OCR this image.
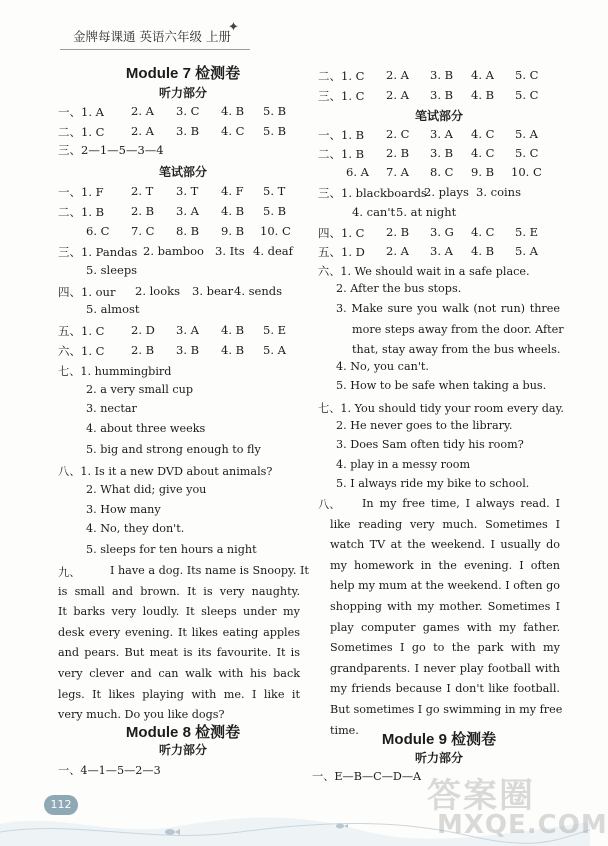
金牌每课通 英语六年级 上册
✦
Module 7 检测卷
听力部分
一、1. A 2. A 3. C 4. B 5. B
二、1. C 2. A 3. B 4. C 5. B
三、2—1—5—3—4
笔试部分
一、1. F 2. T 3. T 4. F 5. T
二、1. B 2. B 3. A 4. B 5. B
6. C 7. C 8. B 9. B 10. C
三、1. Pandas 2. bamboo 3. Its 4. deaf
5. sleeps
四、1. our 2. looks 3. bear 4. sends
5. almost
五、1. C 2. D 3. A 4. B 5. E
六、1. C 2. B 3. B 4. B 5. A
七、1. hummingbird
2. a very small cup
3. nectar
4. about three weeks
5. big and strong enough to fly
八、1. Is it a new DVD about animals?
2. What did; give you
3. How many
4. No, they don't.
5. sleeps for ten hours a night
九、	I have a dog. Its name is Snoopy. It
is small and brown. It is very naughty.
It barks very loudly. It sleeps under my
desk every evening. It likes eating apples
and pears. But meat is its favourite. It is
very clever and can walk with his back
legs. It likes playing with me. I like it
very much. Do you like dogs?
Module 8 检测卷
听力部分
一、4—1—5—2—3
二、1. C 2. A 3. B 4. A 5. C
三、1. C 2. A 3. B 4. B 5. C
笔试部分
一、1. B 2. C 3. A 4. C 5. A
二、1. B 2. B 3. B 4. C 5. C
6. A 7. A 8. C 9. B 10. C
三、1. blackboards
2. plays 3. coins
4. can't 5. at night
四、1. C 2. B 3. G 4. C 5. E
五、1. D 2. A 3. A 4. B 5. A
六、1. We should wait in a safe place.
2. After the bus stops.
3. Make sure you walk (not run) three
more steps away from the door. After
that, stay away from the bus wheels.
4. No, you can't.
5. How to be safe when taking a bus.
七、1. You should tidy your room every day.
2. He never goes to the library.
3. Does Sam often tidy his room?
4. play in a messy room
5. I always ride my bike to school.
八、	In my free time, I always read. I
like reading very much. Sometimes I
watch TV at the weekend. I usually do
my homework in the evening. I often
help my mum at the weekend. I often go
shopping with my mother. Sometimes I
play computer games with my father.
Sometimes I go to the park with my
grandparents. I never play football with
my friends because I don't like football.
But sometimes I go swimming in my free
time.
Module 9 检测卷
听力部分
一、E—B—C—D—A
112	答案圈
MXQE.COM
